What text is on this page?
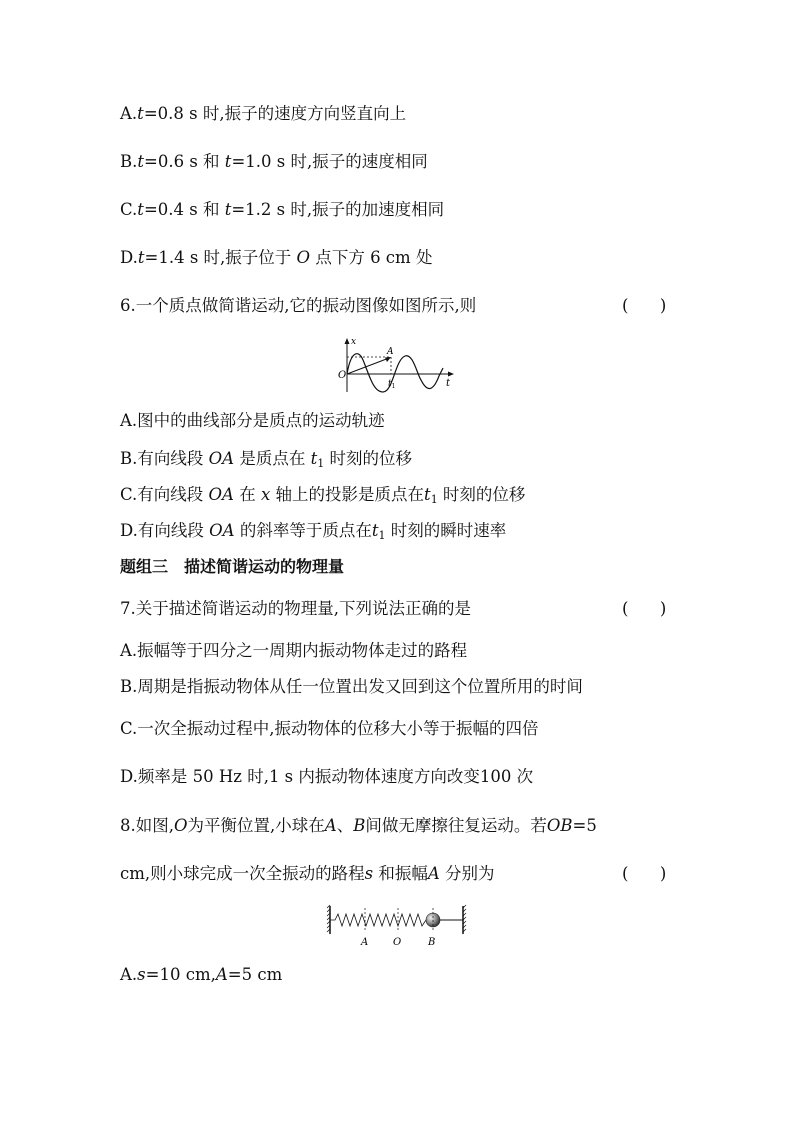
A.t=0.8 s 时,振子的速度方向竖直向上
B.t=0.6 s 和 t=1.0 s 时,振子的速度相同
C.t=0.4 s 和 t=1.2 s 时,振子的加速度相同
D.t=1.4 s 时,振子位于 O 点下方 6 cm 处
6.一个质点做简谐运动,它的振动图像如图所示,则	(      )
x
t
O
A
$t_1$
A.图中的曲线部分是质点的运动轨迹
B.有向线段 OA 是质点在 $t_1$ 时刻的位移
C.有向线段 OA 在 x 轴上的投影是质点在$t_1$ 时刻的位移
D.有向线段 OA 的斜率等于质点在$t_1$ 时刻的瞬时速率
题组三　描述简谐运动的物理量
7.关于描述简谐运动的物理量,下列说法正确的是	(      )
A.振幅等于四分之一周期内振动物体走过的路程
B.周期是指振动物体从任一位置出发又回到这个位置所用的时间
C.一次全振动过程中,振动物体的位移大小等于振幅的四倍
D.频率是 50 Hz 时,1 s 内振动物体速度方向改变100 次
8.如图,O为平衡位置,小球在A、B间做无摩擦往复运动。若OB=5
cm,则小球完成一次全振动的路程s 和振幅A 分别为	(      )
A O	B
A.s=10 cm,A=5 cm
